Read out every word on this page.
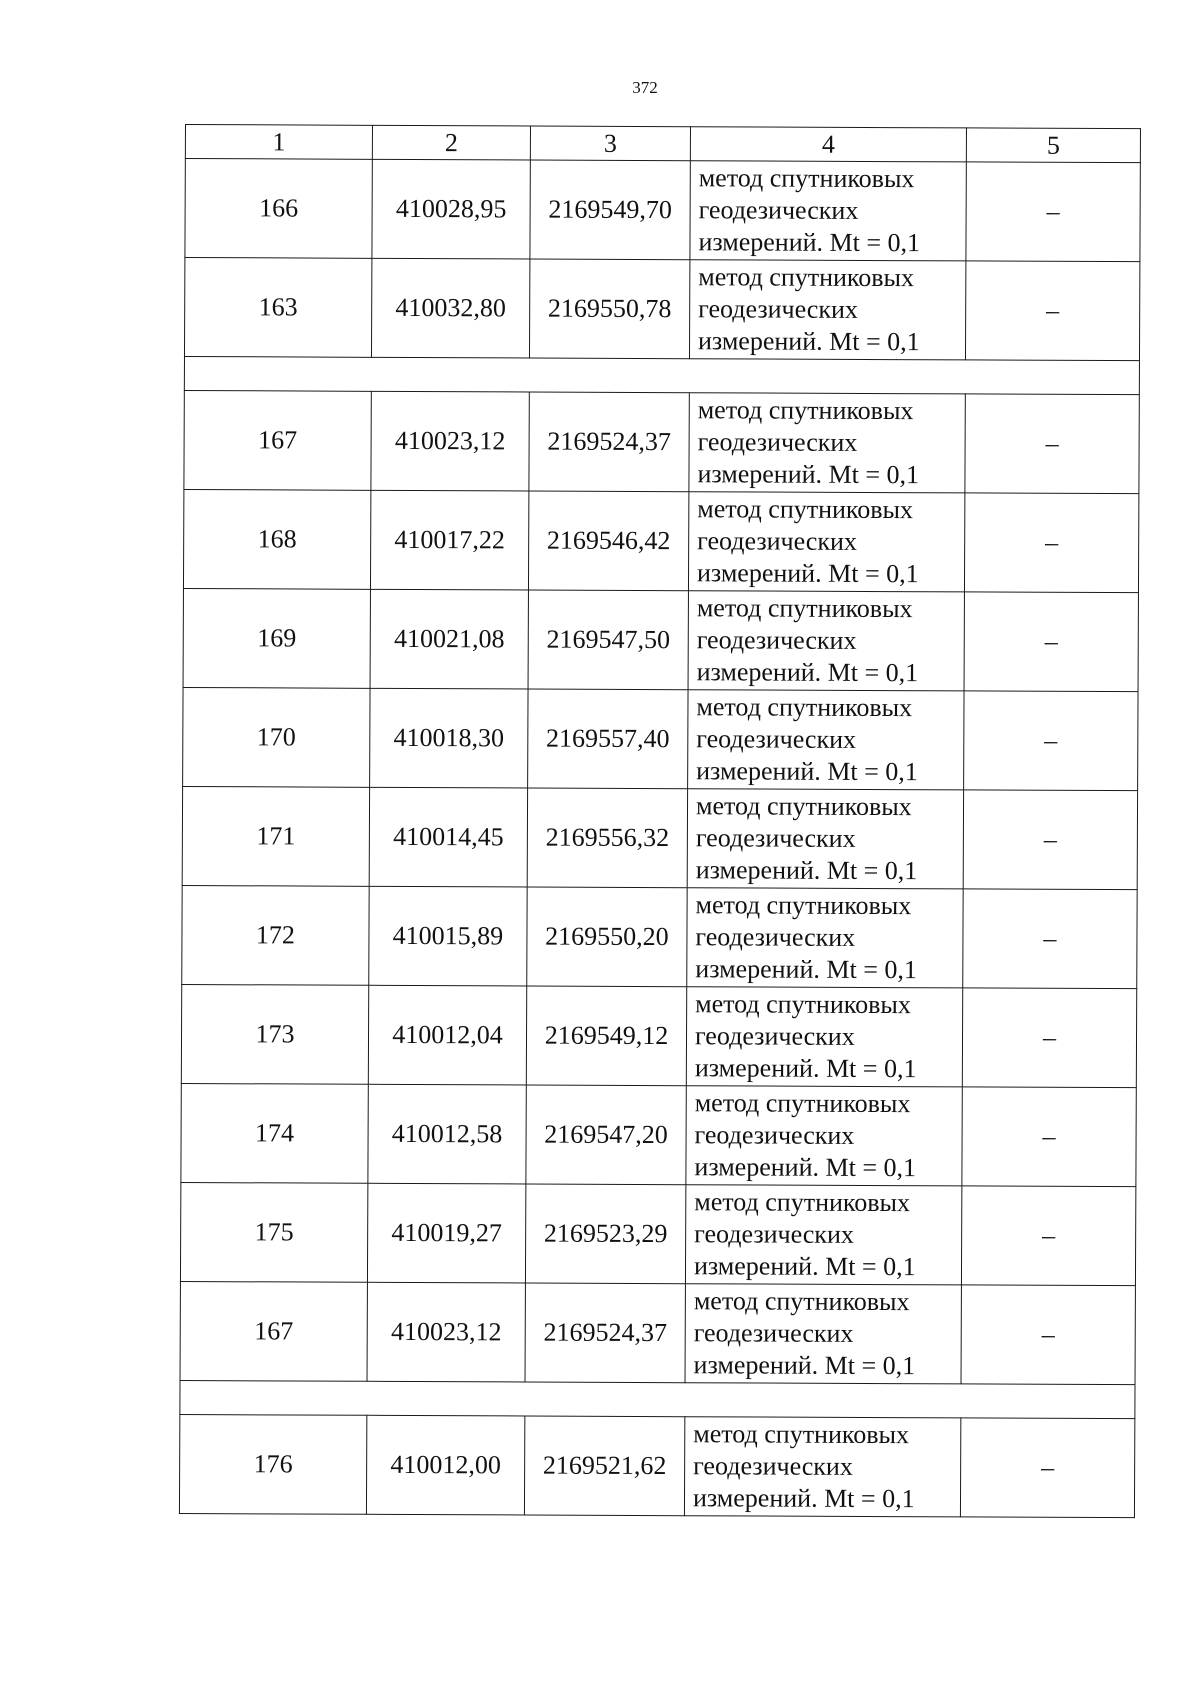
372
1	2	3	4	5
166	410028,95	2169549,70	метод спутниковых
геодезических
измерений. Mt = 0,1	–
163	410032,80	2169550,78	метод спутниковых
геодезических
измерений. Mt = 0,1	–

167	410023,12	2169524,37	метод спутниковых
геодезических
измерений. Mt = 0,1	–
168	410017,22	2169546,42	метод спутниковых
геодезических
измерений. Mt = 0,1	–
169	410021,08	2169547,50	метод спутниковых
геодезических
измерений. Mt = 0,1	–
170	410018,30	2169557,40	метод спутниковых
геодезических
измерений. Mt = 0,1	–
171	410014,45	2169556,32	метод спутниковых
геодезических
измерений. Mt = 0,1	–
172	410015,89	2169550,20	метод спутниковых
геодезических
измерений. Mt = 0,1	–
173	410012,04	2169549,12	метод спутниковых
геодезических
измерений. Mt = 0,1	–
174	410012,58	2169547,20	метод спутниковых
геодезических
измерений. Mt = 0,1	–
175	410019,27	2169523,29	метод спутниковых
геодезических
измерений. Mt = 0,1	–
167	410023,12	2169524,37	метод спутниковых
геодезических
измерений. Mt = 0,1	–

176	410012,00	2169521,62	метод спутниковых
геодезических
измерений. Mt = 0,1	–
